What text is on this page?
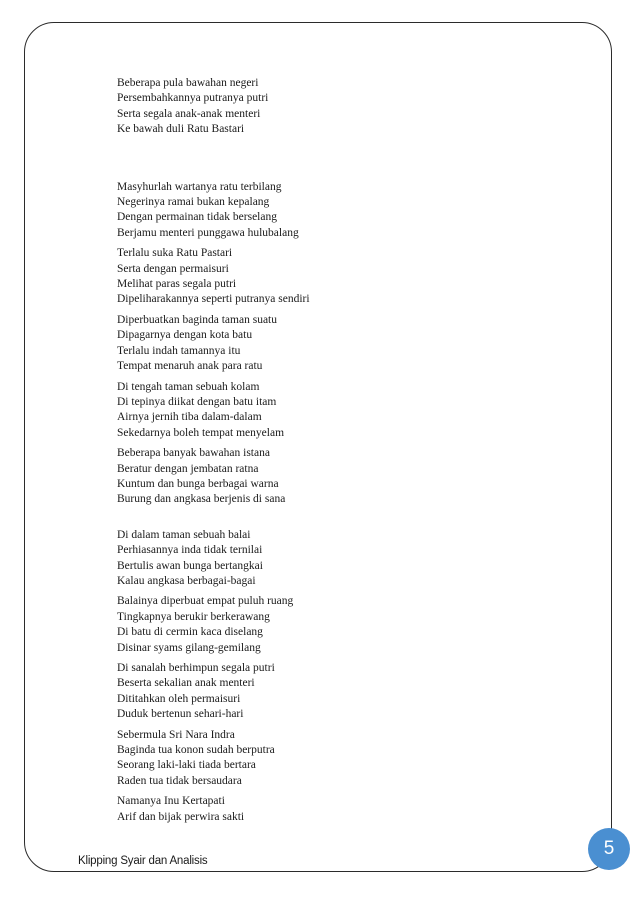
Beberapa pula bawahan negeri
Persembahkannya putranya putri
Serta segala anak-anak menteri
Ke bawah duli Ratu Bastari
Masyhurlah wartanya ratu terbilang
Negerinya ramai bukan kepalang
Dengan permainan tidak berselang
Berjamu menteri punggawa hulubalang
Terlalu suka Ratu Pastari
Serta dengan permaisuri
Melihat paras segala putri
Dipeliharakannya seperti putranya sendiri
Diperbuatkan baginda taman suatu
Dipagarnya dengan kota batu
Terlalu indah tamannya itu
Tempat menaruh anak para ratu
Di tengah taman sebuah kolam
Di tepinya diikat dengan batu itam
Airnya jernih tiba dalam-dalam
Sekedarnya boleh tempat menyelam
Beberapa banyak bawahan istana
Beratur dengan jembatan ratna
Kuntum dan bunga berbagai warna
Burung dan angkasa berjenis di sana
Di dalam taman sebuah balai
Perhiasannya inda tidak ternilai
Bertulis awan bunga bertangkai
Kalau angkasa berbagai-bagai
Balainya diperbuat empat puluh ruang
Tingkapnya berukir berkerawang
Di batu di cermin kaca diselang
Disinar syams gilang-gemilang
Di sanalah berhimpun segala putri
Beserta sekalian anak menteri
Dititahkan oleh permaisuri
Duduk bertenun sehari-hari
Sebermula Sri Nara Indra
Baginda tua konon sudah berputra
Seorang laki-laki tiada bertara
Raden tua tidak bersaudara
Namanya Inu Kertapati
Arif dan bijak perwira sakti
Klipping Syair dan Analisis
5
